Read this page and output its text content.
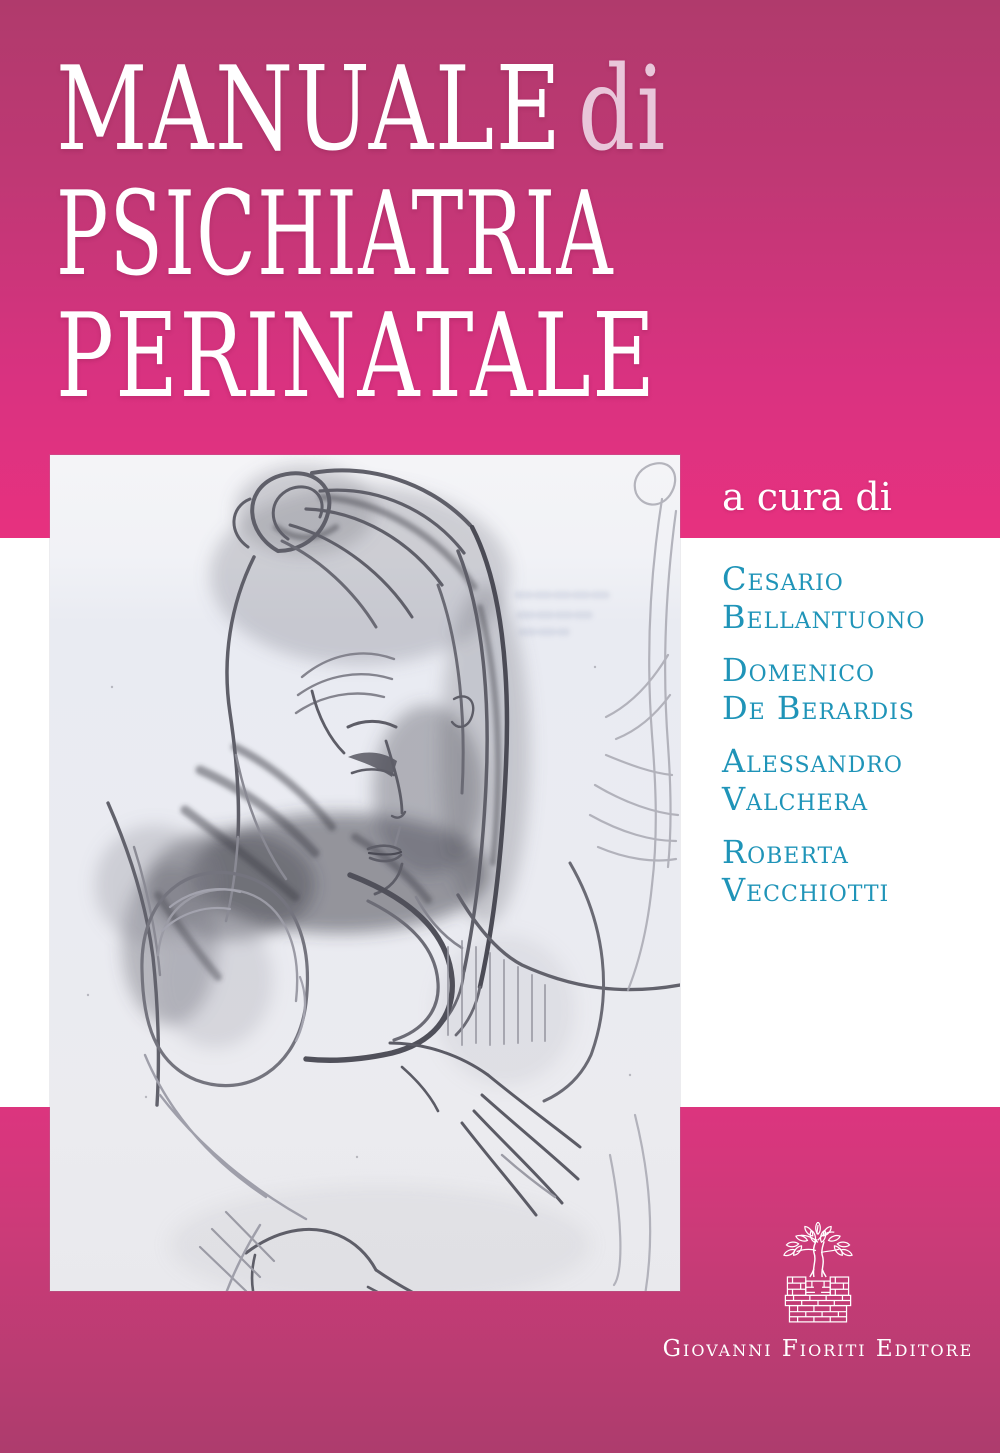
MANUALE di
PSICHIATRIA
PERINATALE
a cura di
Cesario
Bellantuono
Domenico
De Berardis
Alessandro
Valchera
Roberta
Vecchiotti
Giovanni Fioriti Editore
